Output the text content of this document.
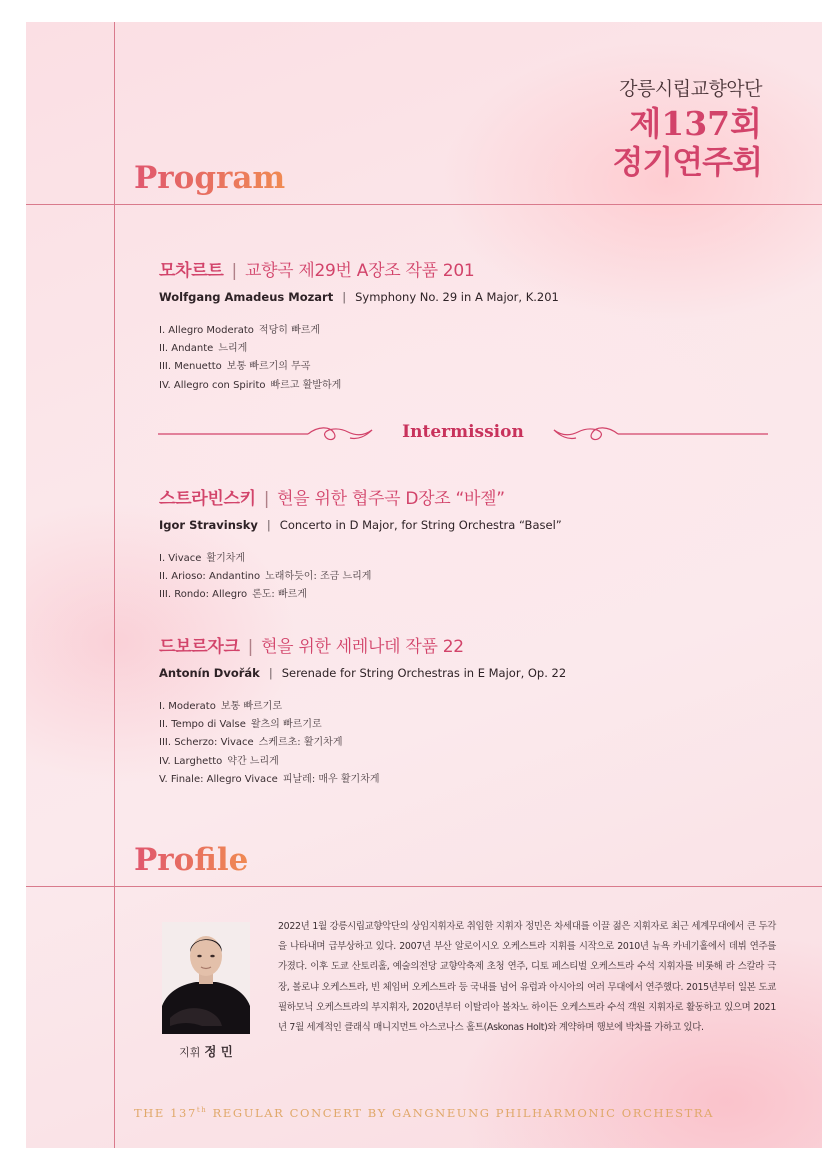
강릉시립교향악단
제137회
정기연주회
Program
모차르트 | 교향곡 제29번 A장조 작품 201
Wolfgang Amadeus Mozart | Symphony No. 29 in A Major, K.201
I. Allegro Moderato 적당히 빠르게
II. Andante 느리게
III. Menuetto 보통 빠르기의 무곡
IV. Allegro con Spirito 빠르고 활발하게
Intermission
스트라빈스키 | 현을 위한 협주곡 D장조 “바젤”
Igor Stravinsky | Concerto in D Major, for String Orchestra “Basel”
I. Vivace 활기차게
II. Arioso: Andantino 노래하듯이: 조금 느리게
III. Rondo: Allegro 론도: 빠르게
드보르자크 | 현을 위한 세레나데 작품 22
Antonín Dvořák | Serenade for String Orchestras in E Major, Op. 22
I. Moderato 보통 빠르기로
II. Tempo di Valse 왈츠의 빠르기로
III. Scherzo: Vivace 스케르초: 활기차게
IV. Larghetto 약간 느리게
V. Finale: Allegro Vivace 피날레: 매우 활기차게
Profile
지휘 정 민
2022년 1월 강릉시립교향악단의 상임지휘자로 취임한 지휘자 정민은 차세대를 이끌 젊은 지휘자로 최근 세계무대에서 큰 두각을 나타내며 급부상하고 있다. 2007년 부산 알로이시오 오케스트라 지휘를 시작으로 2010년 뉴욕 카네기홀에서 데뷔 연주를 가졌다. 이후 도쿄 산토리홀, 예술의전당 교향악축제 초청 연주, 디토 페스티벌 오케스트라 수석 지휘자를 비롯해 라 스칼라 극장, 볼로냐 오케스트라, 빈 체임버 오케스트라 등 국내를 넘어 유럽과 아시아의 여러 무대에서 연주했다. 2015년부터 일본 도쿄 필하모닉 오케스트라의 부지휘자, 2020년부터 이탈리아 볼차노 하이든 오케스트라 수석 객원 지휘자로 활동하고 있으며 2021년 7월 세계적인 클래식 매니지먼트 아스코나스 홀트(Askonas Holt)와 계약하며 행보에 박차를 가하고 있다.
THE 137th REGULAR CONCERT BY GANGNEUNG PHILHARMONIC ORCHESTRA
